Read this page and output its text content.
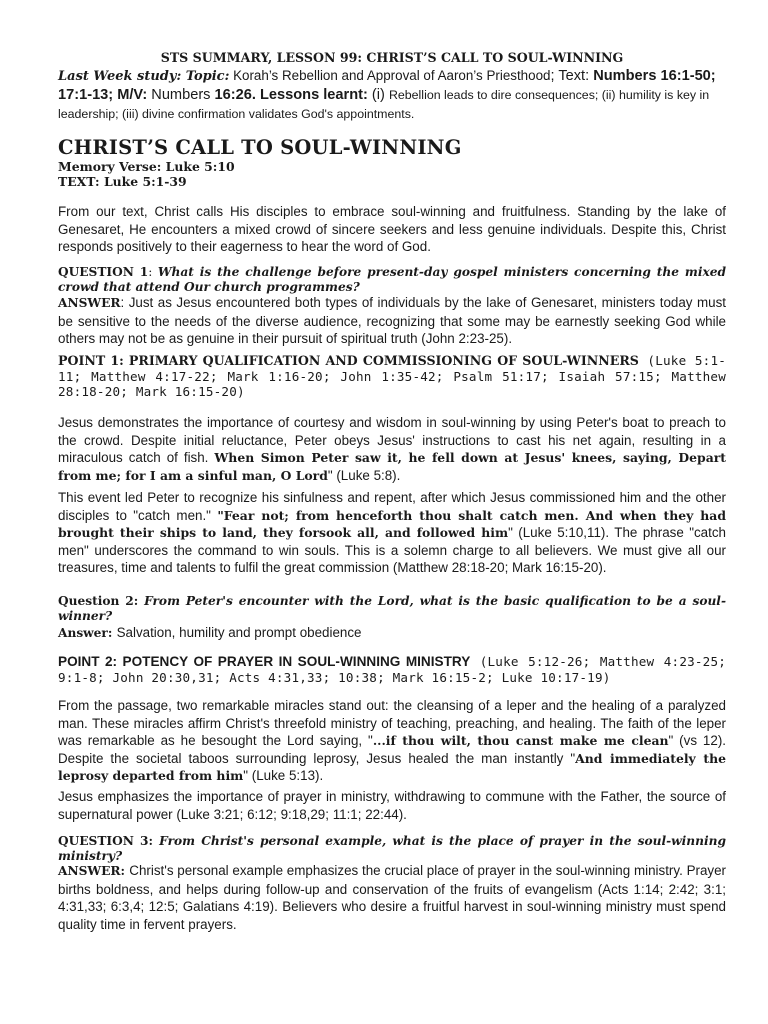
STS SUMMARY, LESSON 99: CHRIST’S CALL TO SOUL-WINNING
Last Week study: Topic: Korah’s Rebellion and Approval of Aaron’s Priesthood; Text: Numbers 16:1-50; 17:1-13; M/V: Numbers 16:26. Lessons learnt: (i) Rebellion leads to dire consequences; (ii) humility is key in leadership; (iii) divine confirmation validates God's appointments.
CHRIST’S CALL TO SOUL-WINNING
Memory Verse: Luke 5:10
TEXT: Luke 5:1-39
From our text, Christ calls His disciples to embrace soul-winning and fruitfulness. Standing by the lake of Genesaret, He encounters a mixed crowd of sincere seekers and less genuine individuals. Despite this, Christ responds positively to their eagerness to hear the word of God.
QUESTION 1: What is the challenge before present-day gospel ministers concerning the mixed crowd that attend Our church programmes?
ANSWER: Just as Jesus encountered both types of individuals by the lake of Genesaret, ministers today must be sensitive to the needs of the diverse audience, recognizing that some may be earnestly seeking God while others may not be as genuine in their pursuit of spiritual truth (John 2:23-25).
POINT 1: PRIMARY QUALIFICATION AND COMMISSIONING OF SOUL-WINNERS (Luke 5:1-11; Matthew 4:17-22; Mark 1:16-20; John 1:35-42; Psalm 51:17; Isaiah 57:15; Matthew 28:18-20; Mark 16:15-20)
Jesus demonstrates the importance of courtesy and wisdom in soul-winning by using Peter's boat to preach to the crowd. Despite initial reluctance, Peter obeys Jesus' instructions to cast his net again, resulting in a miraculous catch of fish. When Simon Peter saw it, he fell down at Jesus' knees, saying, Depart from me; for I am a sinful man, O Lord" (Luke 5:8).
This event led Peter to recognize his sinfulness and repent, after which Jesus commissioned him and the other disciples to "catch men." "Fear not; from henceforth thou shalt catch men. And when they had brought their ships to land, they forsook all, and followed him" (Luke 5:10,11). The phrase "catch men" underscores the command to win souls. This is a solemn charge to all believers. We must give all our treasures, time and talents to fulfil the great commission (Matthew 28:18-20; Mark 16:15-20).
Question 2: From Peter's encounter with the Lord, what is the basic qualification to be a soul-winner?
Answer: Salvation, humility and prompt obedience
POINT 2: POTENCY OF PRAYER IN SOUL-WINNING MINISTRY (Luke 5:12-26; Matthew 4:23-25; 9:1-8; John 20:30,31; Acts 4:31,33; 10:38; Mark 16:15-2; Luke 10:17-19)
From the passage, two remarkable miracles stand out: the cleansing of a leper and the healing of a paralyzed man. These miracles affirm Christ's threefold ministry of teaching, preaching, and healing. The faith of the leper was remarkable as he besought the Lord saying, "...if thou wilt, thou canst make me clean" (vs 12). Despite the societal taboos surrounding leprosy, Jesus healed the man instantly "And immediately the leprosy departed from him" (Luke 5:13).
Jesus emphasizes the importance of prayer in ministry, withdrawing to commune with the Father, the source of supernatural power (Luke 3:21; 6:12; 9:18,29; 11:1; 22:44).
QUESTION 3: From Christ's personal example, what is the place of prayer in the soul-winning ministry?
ANSWER: Christ's personal example emphasizes the crucial place of prayer in the soul-winning ministry. Prayer births boldness, and helps during follow-up and conservation of the fruits of evangelism (Acts 1:14; 2:42; 3:1; 4:31,33; 6:3,4; 12:5; Galatians 4:19). Believers who desire a fruitful harvest in soul-winning ministry must spend quality time in fervent prayers.
